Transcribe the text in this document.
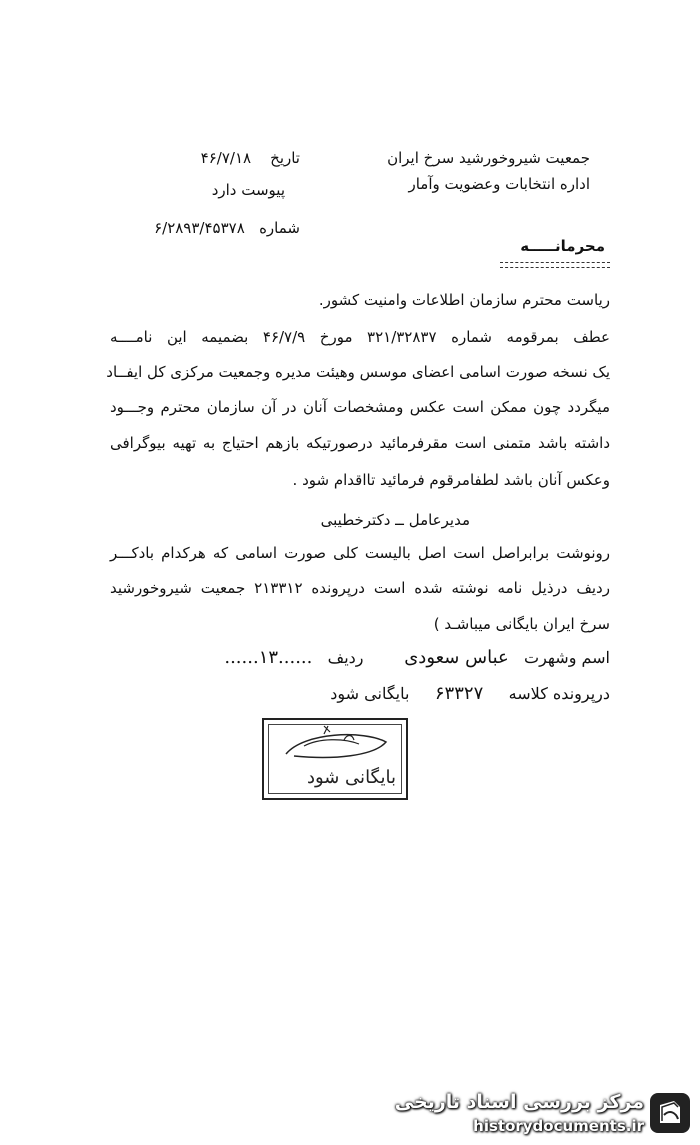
جمعیت شیروخورشید سرخ ایران
اداره انتخابات وعضویت وآمار
تاریخ    ۴۶/۷/۱۸
پیوست دارد
شماره   ۶/۲۸۹۳/۴۵۳۷۸
محرمانـــــه
ریاست محترم سازمان اطلاعات وامنیت کشور.
عطف بمرقومه شماره ۳۲۱/۳۲۸۳۷ مورخ ۴۶/۷/۹ بضمیمه این نامــــه
یک نسخه صورت اسامی اعضای موسس وهیئت مدیره وجمعیت مرکزی کل ایفــاد
میگردد چون ممکن است عکس ومشخصات آنان در آن سازمان محترم وجـــود
داشته باشد متمنی است مقرفرمائید درصورتیکه بازهم احتیاج به تهیه بیوگرافی
وعکس آنان باشد لطفامرقوم فرمائید تااقدام شود .
مدیرعامل ــ دکترخطیبی
رونوشت برابراصل است اصل بالیست کلی صورت اسامی که هرکدام بادکـــر
ردیف درذیل نامه نوشته شده است درپرونده ۲۱۳۳۱۲ جمعیت شیروخورشید
سرخ ایران بایگانی میباشـد )
اسم وشهرت   عباس سعودی        ردیف   ......۱۳......
درپرونده کلاسه     ۶۳۳۲۷     بایگانی شود
بایگانی شود
مرکز بررسی اسناد تاریخی
historydocuments.ir
